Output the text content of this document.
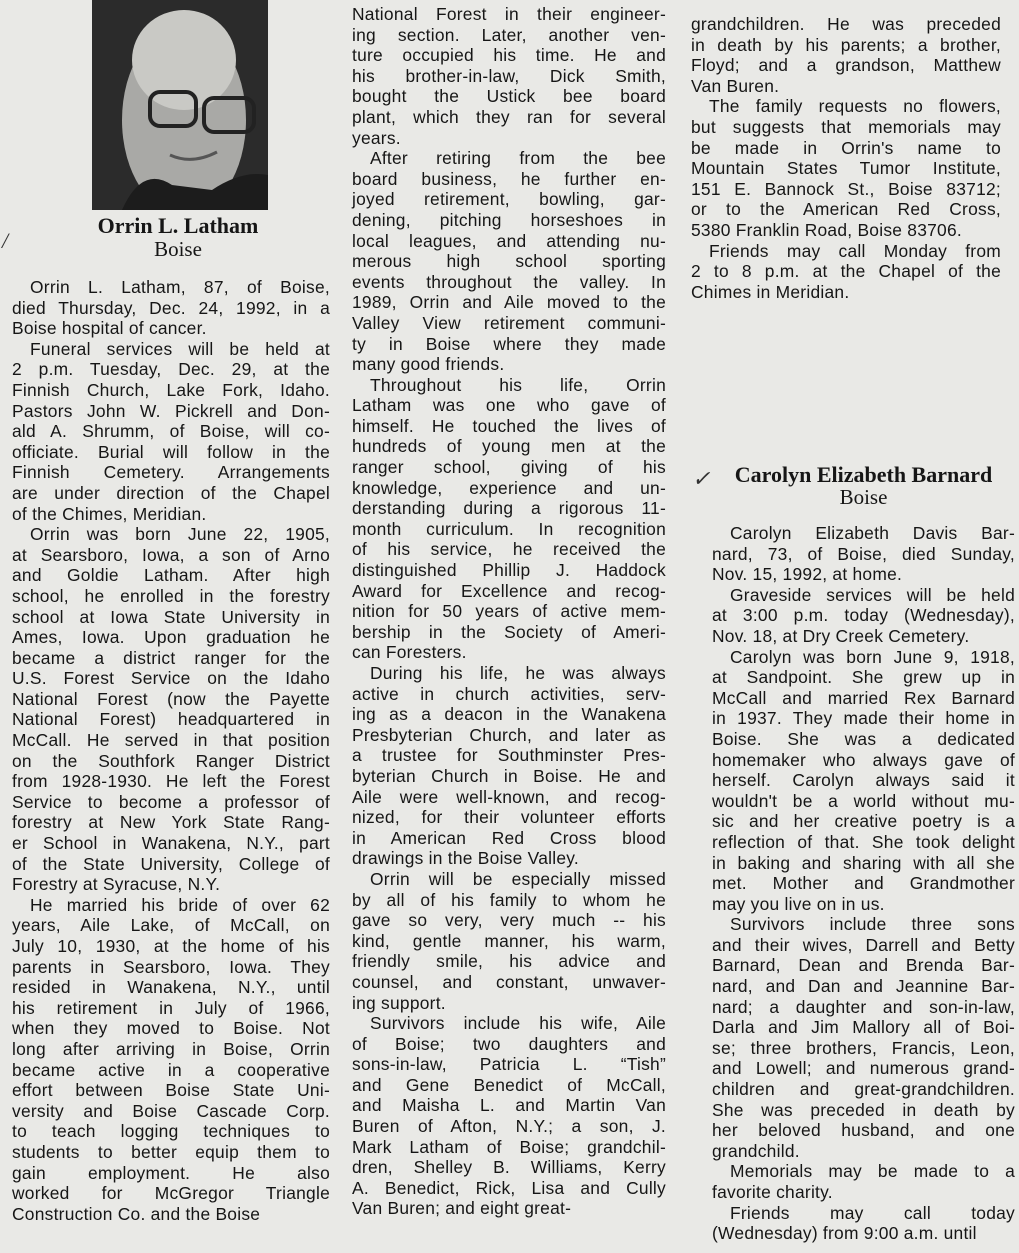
/
✓
Orrin L. Latham
Boise
Carolyn Elizabeth Barnard
Boise
Orrin L. Latham, 87, of Boise,
died Thursday, Dec. 24, 1992, in a
Boise hospital of cancer.
Funeral services will be held at
2 p.m. Tuesday, Dec. 29, at the
Finnish Church, Lake Fork, Idaho.
Pastors John W. Pickrell and Don-
ald A. Shrumm, of Boise, will co-
officiate. Burial will follow in the
Finnish Cemetery. Arrangements
are under direction of the Chapel
of the Chimes, Meridian.
Orrin was born June 22, 1905,
at Searsboro, Iowa, a son of Arno
and Goldie Latham. After high
school, he enrolled in the forestry
school at Iowa State University in
Ames, Iowa. Upon graduation he
became a district ranger for the
U.S. Forest Service on the Idaho
National Forest (now the Payette
National Forest) headquartered in
McCall. He served in that position
on the Southfork Ranger District
from 1928-1930. He left the Forest
Service to become a professor of
forestry at New York State Rang-
er School in Wanakena, N.Y., part
of the State University, College of
Forestry at Syracuse, N.Y.
He married his bride of over 62
years, Aile Lake, of McCall, on
July 10, 1930, at the home of his
parents in Searsboro, Iowa. They
resided in Wanakena, N.Y., until
his retirement in July of 1966,
when they moved to Boise. Not
long after arriving in Boise, Orrin
became active in a cooperative
effort between Boise State Uni-
versity and Boise Cascade Corp.
to teach logging techniques to
students to better equip them to
gain employment. He also
worked for McGregor Triangle
Construction Co. and the Boise
National Forest in their engineer-
ing section. Later, another ven-
ture occupied his time. He and
his brother-in-law, Dick Smith,
bought the Ustick bee board
plant, which they ran for several
years.
After retiring from the bee
board business, he further en-
joyed retirement, bowling, gar-
dening, pitching horseshoes in
local leagues, and attending nu-
merous high school sporting
events throughout the valley. In
1989, Orrin and Aile moved to the
Valley View retirement communi-
ty in Boise where they made
many good friends.
Throughout his life, Orrin
Latham was one who gave of
himself. He touched the lives of
hundreds of young men at the
ranger school, giving of his
knowledge, experience and un-
derstanding during a rigorous 11-
month curriculum. In recognition
of his service, he received the
distinguished Phillip J. Haddock
Award for Excellence and recog-
nition for 50 years of active mem-
bership in the Society of Ameri-
can Foresters.
During his life, he was always
active in church activities, serv-
ing as a deacon in the Wanakena
Presbyterian Church, and later as
a trustee for Southminster Pres-
byterian Church in Boise. He and
Aile were well-known, and recog-
nized, for their volunteer efforts
in American Red Cross blood
drawings in the Boise Valley.
Orrin will be especially missed
by all of his family to whom he
gave so very, very much -- his
kind, gentle manner, his warm,
friendly smile, his advice and
counsel, and constant, unwaver-
ing support.
Survivors include his wife, Aile
of Boise; two daughters and
sons-in-law, Patricia L. “Tish”
and Gene Benedict of McCall,
and Maisha L. and Martin Van
Buren of Afton, N.Y.; a son, J.
Mark Latham of Boise; grandchil-
dren, Shelley B. Williams, Kerry
A. Benedict, Rick, Lisa and Cully
Van Buren; and eight great-
grandchildren. He was preceded
in death by his parents; a brother,
Floyd; and a grandson, Matthew
Van Buren.
The family requests no flowers,
but suggests that memorials may
be made in Orrin's name to
Mountain States Tumor Institute,
151 E. Bannock St., Boise 83712;
or to the American Red Cross,
5380 Franklin Road, Boise 83706.
Friends may call Monday from
2 to 8 p.m. at the Chapel of the
Chimes in Meridian.
Carolyn Elizabeth Davis Bar-
nard, 73, of Boise, died Sunday,
Nov. 15, 1992, at home.
Graveside services will be held
at 3:00 p.m. today (Wednesday),
Nov. 18, at Dry Creek Cemetery.
Carolyn was born June 9, 1918,
at Sandpoint. She grew up in
McCall and married Rex Barnard
in 1937. They made their home in
Boise. She was a dedicated
homemaker who always gave of
herself. Carolyn always said it
wouldn't be a world without mu-
sic and her creative poetry is a
reflection of that. She took delight
in baking and sharing with all she
met. Mother and Grandmother
may you live on in us.
Survivors include three sons
and their wives, Darrell and Betty
Barnard, Dean and Brenda Bar-
nard, and Dan and Jeannine Bar-
nard; a daughter and son-in-law,
Darla and Jim Mallory all of Boi-
se; three brothers, Francis, Leon,
and Lowell; and numerous grand-
children and great-grandchildren.
She was preceded in death by
her beloved husband, and one
grandchild.
Memorials may be made to a
favorite charity.
Friends may call today
(Wednesday) from 9:00 a.m. until
